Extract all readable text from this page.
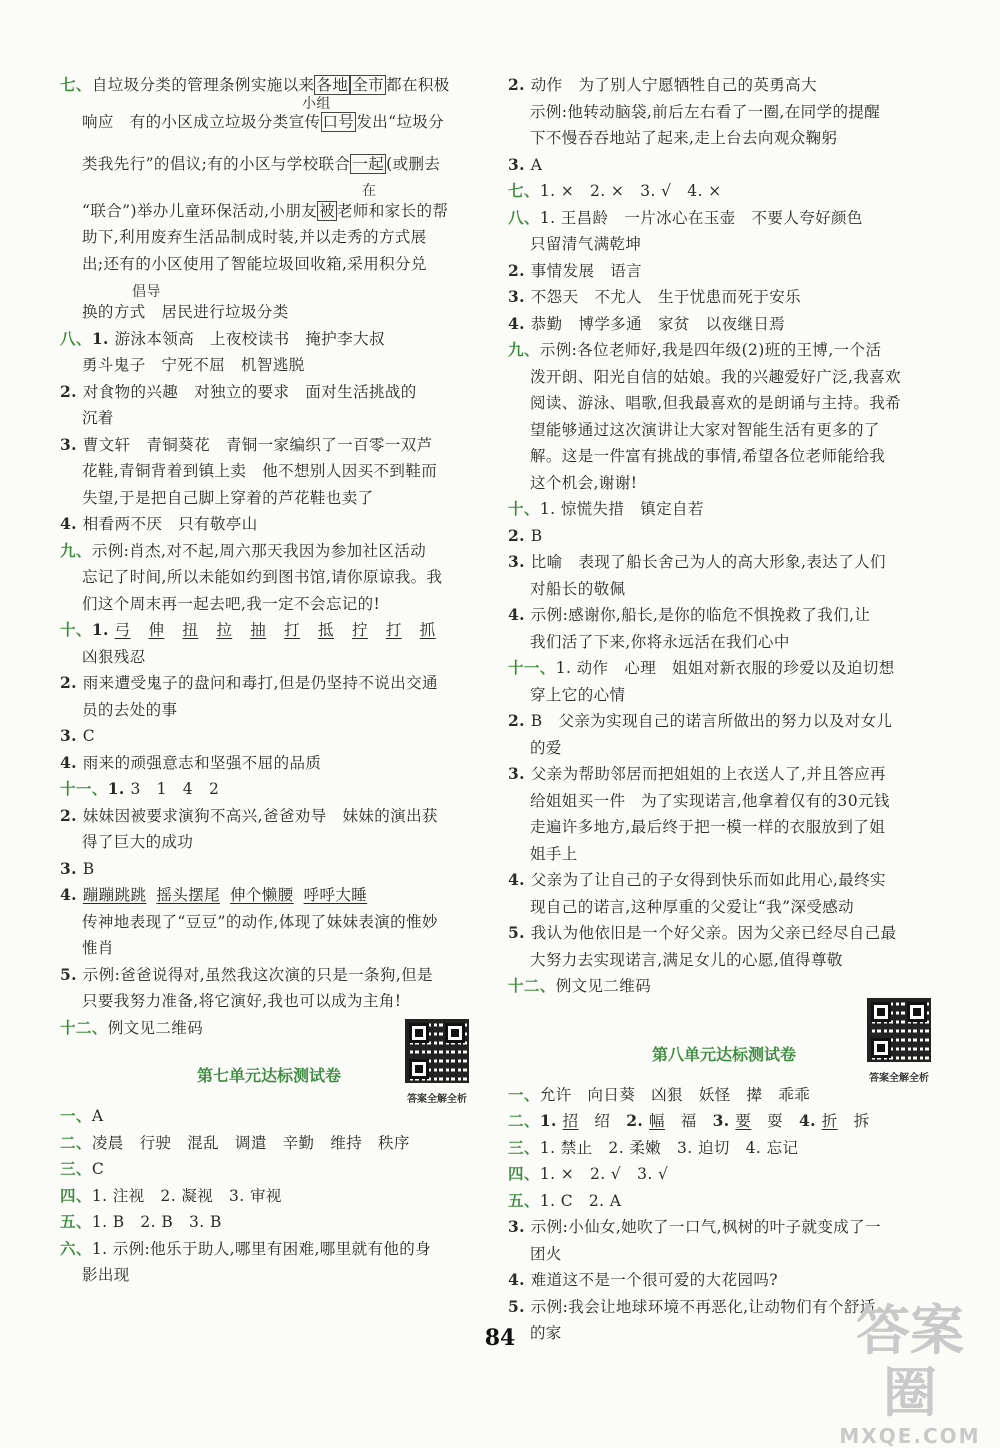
七、自垃圾分类的管理条例实施以来 各地 全市 都在积极
小组
响应　有的小区成立垃圾分类宣传 口号 发出“垃圾分
类我先行”的倡议;有的小区与学校联合 一起 (或删去
在
“联合”)举办儿童环保活动,小朋友 被 老师和家长的帮
助下,利用废弃生活品制成时装,并以走秀的方式展
出;还有的小区使用了智能垃圾回收箱,采用积分兑
倡导
换的方式　居民进行垃圾分类
八、1. 游泳本领高　上夜校读书　掩护李大叔
勇斗鬼子　宁死不屈　机智逃脱
2. 对食物的兴趣　对独立的要求　面对生活挑战的
沉着
3. 曹文轩　青铜葵花　青铜一家编织了一百零一双芦
花鞋,青铜背着到镇上卖　他不想别人因买不到鞋而
失望,于是把自己脚上穿着的芦花鞋也卖了
4. 相看两不厌　只有敬亭山
九、示例:肖杰,对不起,周六那天我因为参加社区活动
忘记了时间,所以未能如约到图书馆,请你原谅我。我
们这个周末再一起去吧,我一定不会忘记的!
十、1. 弓 伸 扭 拉 抽 打 抵 拧 打 抓
凶狠残忍
2. 雨来遭受鬼子的盘问和毒打,但是仍坚持不说出交通
员的去处的事
3. C
4. 雨来的顽强意志和坚强不屈的品质
十一、1. 3　1　4　2
2. 妹妹因被要求演狗不高兴,爸爸劝导　妹妹的演出获
得了巨大的成功
3. B
4. 蹦蹦跳跳 摇头摆尾 伸个懒腰 呼呼大睡
传神地表现了“豆豆”的动作,体现了妹妹表演的惟妙
惟肖
5. 示例:爸爸说得对,虽然我这次演的只是一条狗,但是
只要我努力准备,将它演好,我也可以成为主角!
十二、例文见二维码
第七单元达标测试卷
答案全解全析
一、A
二、凌晨　行驶　混乱　调遣　辛勤　维持　秩序
三、C
四、1. 注视　2. 凝视　3. 审视
五、1. B　2. B　3. B
六、1. 示例:他乐于助人,哪里有困难,哪里就有他的身
影出现
2. 动作　为了别人宁愿牺牲自己的英勇高大
示例:他转动脑袋,前后左右看了一圈,在同学的提醒
下不慢吞吞地站了起来,走上台去向观众鞠躬
3. A
七、1. ×　2. ×　3. √　4. ×
八、1. 王昌龄　一片冰心在玉壶　不要人夸好颜色
只留清气满乾坤
2. 事情发展　语言
3. 不怨天　不尤人　生于忧患而死于安乐
4. 恭勤　博学多通　家贫　以夜继日焉
九、示例:各位老师好,我是四年级(2)班的王博,一个活
泼开朗、阳光自信的姑娘。我的兴趣爱好广泛,我喜欢
阅读、游泳、唱歌,但我最喜欢的是朗诵与主持。我希
望能够通过这次演讲让大家对智能生活有更多的了
解。这是一件富有挑战的事情,希望各位老师能给我
这个机会,谢谢!
十、1. 惊慌失措　镇定自若
2. B
3. 比喻　表现了船长舍己为人的高大形象,表达了人们
对船长的敬佩
4. 示例:感谢你,船长,是你的临危不惧挽救了我们,让
我们活了下来,你将永远活在我们心中
十一、1. 动作　心理　姐姐对新衣服的珍爱以及迫切想
穿上它的心情
2. B　父亲为实现自己的诺言所做出的努力以及对女儿
的爱
3. 父亲为帮助邻居而把姐姐的上衣送人了,并且答应再
给姐姐买一件　为了实现诺言,他拿着仅有的30元钱
走遍许多地方,最后终于把一模一样的衣服放到了姐
姐手上
4. 父亲为了让自己的子女得到快乐而如此用心,最终实
现自己的诺言,这种厚重的父爱让“我”深受感动
5. 我认为他依旧是一个好父亲。因为父亲已经尽自己最
大努力去实现诺言,满足女儿的心愿,值得尊敬
十二、例文见二维码
第八单元达标测试卷
答案全解全析
一、允许　向日葵　凶狠　妖怪　撵　乖乖
二、1. 招　绍　2. 幅　福　3. 要　耍　4. 折　拆　
三、1. 禁止　2. 柔嫩　3. 迫切　4. 忘记
四、1. ×　2. √　3. √
五、1. C　2. A
3. 示例:小仙女,她吹了一口气,枫树的叶子就变成了一
团火
4. 难道这不是一个很可爱的大花园吗?
5. 示例:我会让地球环境不再恶化,让动物们有个舒适
的家
84	答案圈
MXQE.COM
